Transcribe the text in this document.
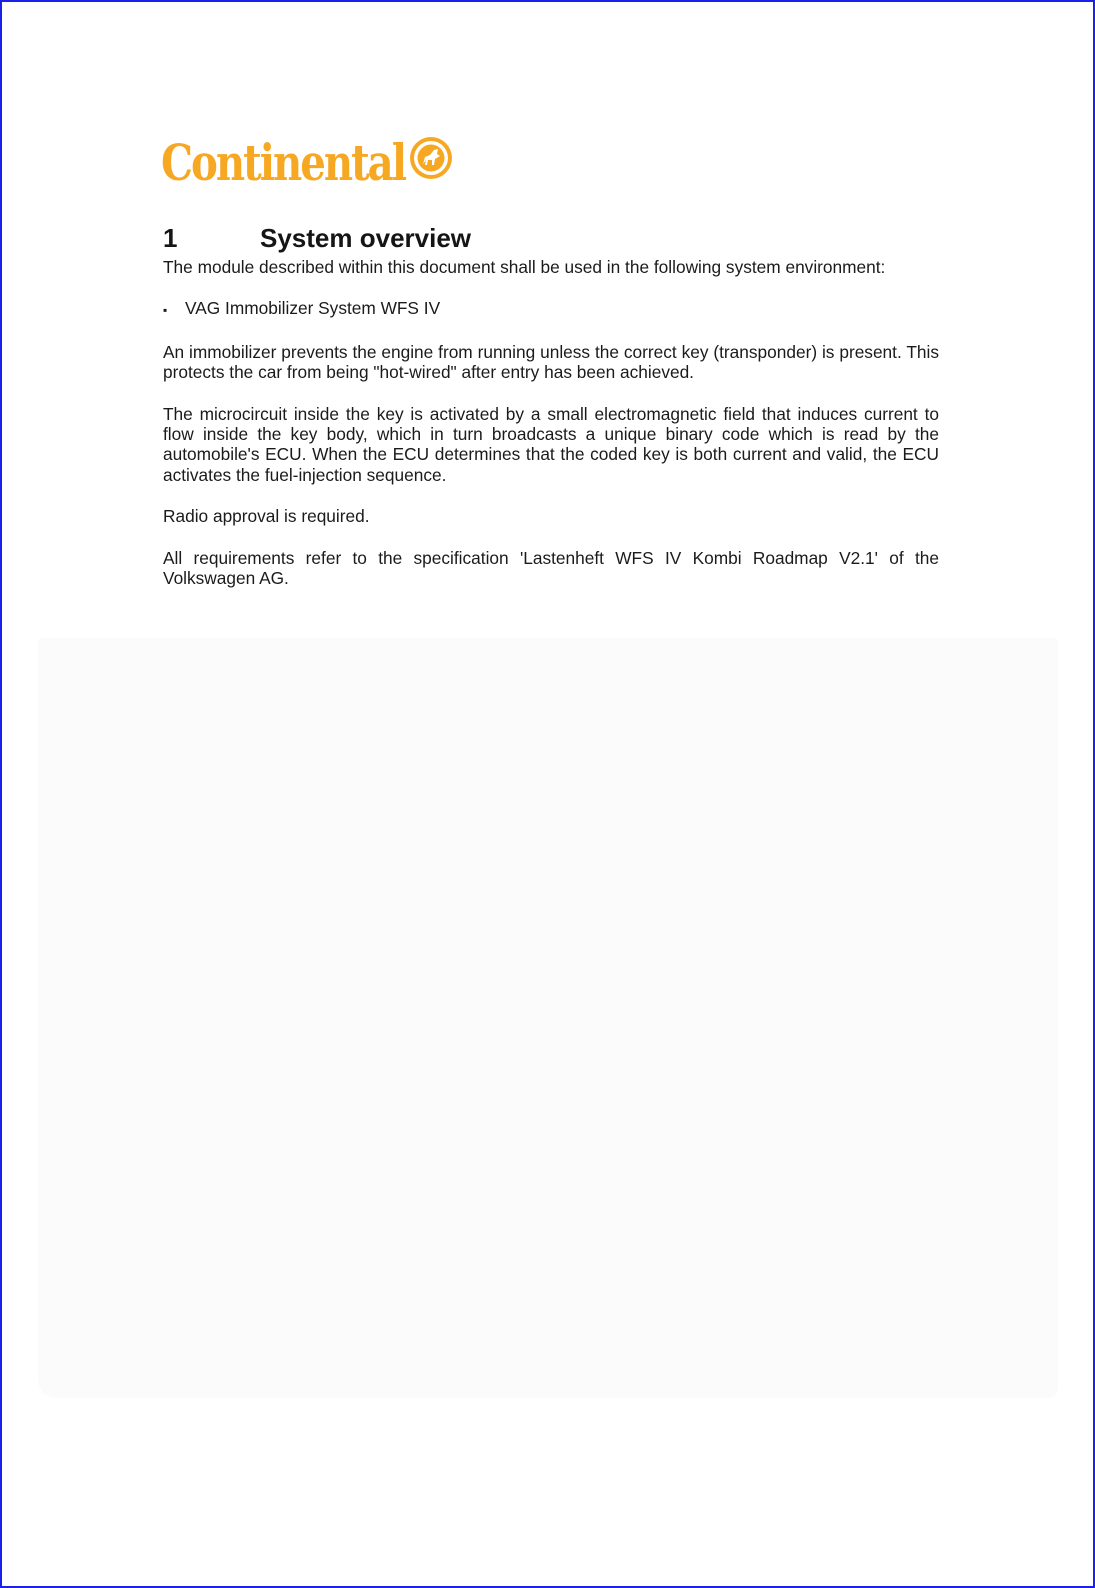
Continental
1	System overview

The module described within this document shall be used in the following system environment:

▪	VAG Immobilizer System WFS IV

An immobilizer prevents the engine from running unless the correct key (transponder) is present. This protects the car from being "hot-wired" after entry has been achieved.

The microcircuit inside the key is activated by a small electromagnetic field that induces current to flow inside the key body, which in turn broadcasts a unique binary code which is read by the automobile's ECU. When the ECU determines that the coded key is both current and valid, the ECU activates the fuel-injection sequence.

Radio approval is required.

All requirements refer to the specification 'Lastenheft WFS IV Kombi Roadmap V2.1' of the Volkswagen AG.
